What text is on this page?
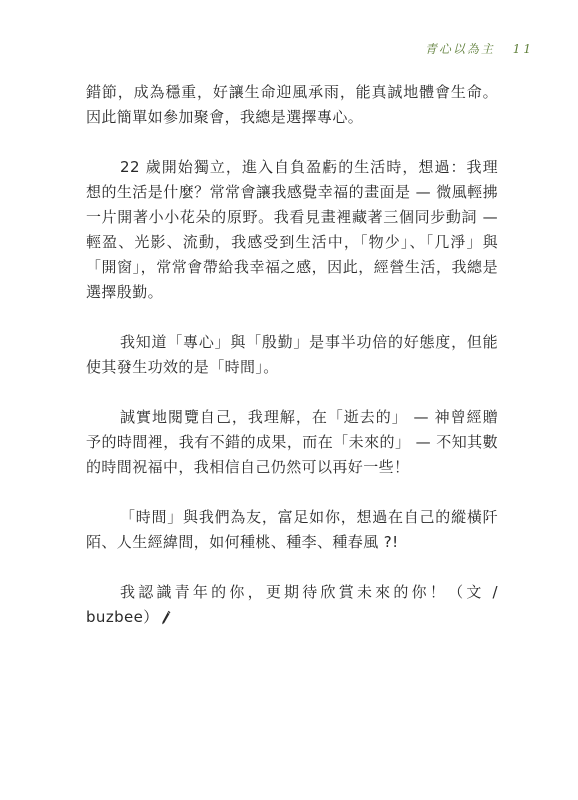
青心以為主 11

錯節，成為穩重，好讓生命迎風承雨，能真誠地體會生命。因此簡單如參加聚會，我總是選擇專心。

22 歲開始獨立，進入自負盈虧的生活時，想過：我理想的生活是什麼？常常會讓我感覺幸福的畫面是 — 微風輕拂一片開著小小花朵的原野。我看見畫裡藏著三個同步動詞 — 輕盈、光影、流動，我感受到生活中，「物少」、「几淨」與「開窗」，常常會帶給我幸福之感，因此，經營生活，我總是選擇殷勤。

我知道「專心」與「殷勤」是事半功倍的好態度，但能使其發生功效的是「時間」。

誠實地閱覽自己，我理解，在「逝去的」 — 神曾經贈予的時間裡，我有不錯的成果，而在「未來的」 — 不知其數的時間祝福中，我相信自己仍然可以再好一些！

「時間」與我們為友，富足如你，想過在自己的縱橫阡陌、人生經緯間，如何種桃、種李、種春風 ?!

我認識青年的你，更期待欣賞未來的你！（文 / buzbee）
